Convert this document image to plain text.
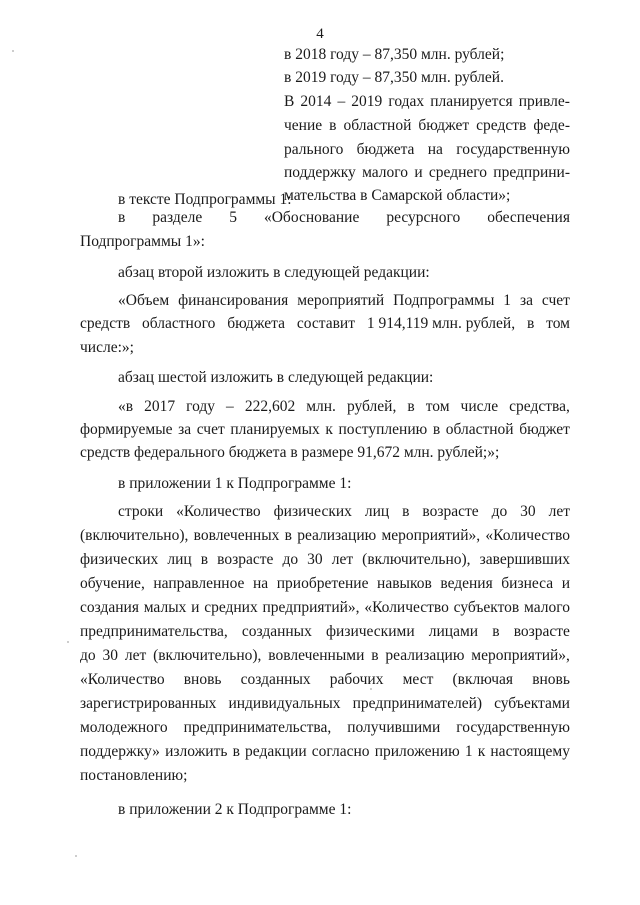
4
в 2018 году – 87,350 млн. рублей;
в 2019 году – 87,350 млн. рублей.
В 2014 – 2019 годах планируется привле-
чение в областной бюджет средств феде-
рального бюджета на государственную
поддержку малого и среднего предприни-
мательства в Самарской области»;
в тексте Подпрограммы 1:
в разделе 5 «Обоснование ресурсного обеспечения
Подпрограммы 1»:
абзац второй изложить в следующей редакции:
«Объем финансирования мероприятий Подпрограммы 1 за счет
средств областного бюджета составит 1 914,119 млн. рублей, в том
числе:»;
абзац шестой изложить в следующей редакции:
«в 2017 году – 222,602 млн. рублей, в том числе средства,
формируемые за счет планируемых к поступлению в областной бюджет
средств федерального бюджета в размере 91,672 млн. рублей;»;
в приложении 1 к Подпрограмме 1:
строки «Количество физических лиц в возрасте до 30 лет
(включительно), вовлеченных в реализацию мероприятий», «Количество
физических лиц в возрасте до 30 лет (включительно), завершивших
обучение, направленное на приобретение навыков ведения бизнеса и
создания малых и средних предприятий», «Количество субъектов малого
предпринимательства, созданных физическими лицами в возрасте
до 30 лет (включительно), вовлеченными в реализацию мероприятий»,
«Количество вновь созданных рабочих мест (включая вновь
зарегистрированных индивидуальных предпринимателей) субъектами
молодежного предпринимательства, получившими государственную
поддержку» изложить в редакции согласно приложению 1 к настоящему
постановлению;
в приложении 2 к Подпрограмме 1:
